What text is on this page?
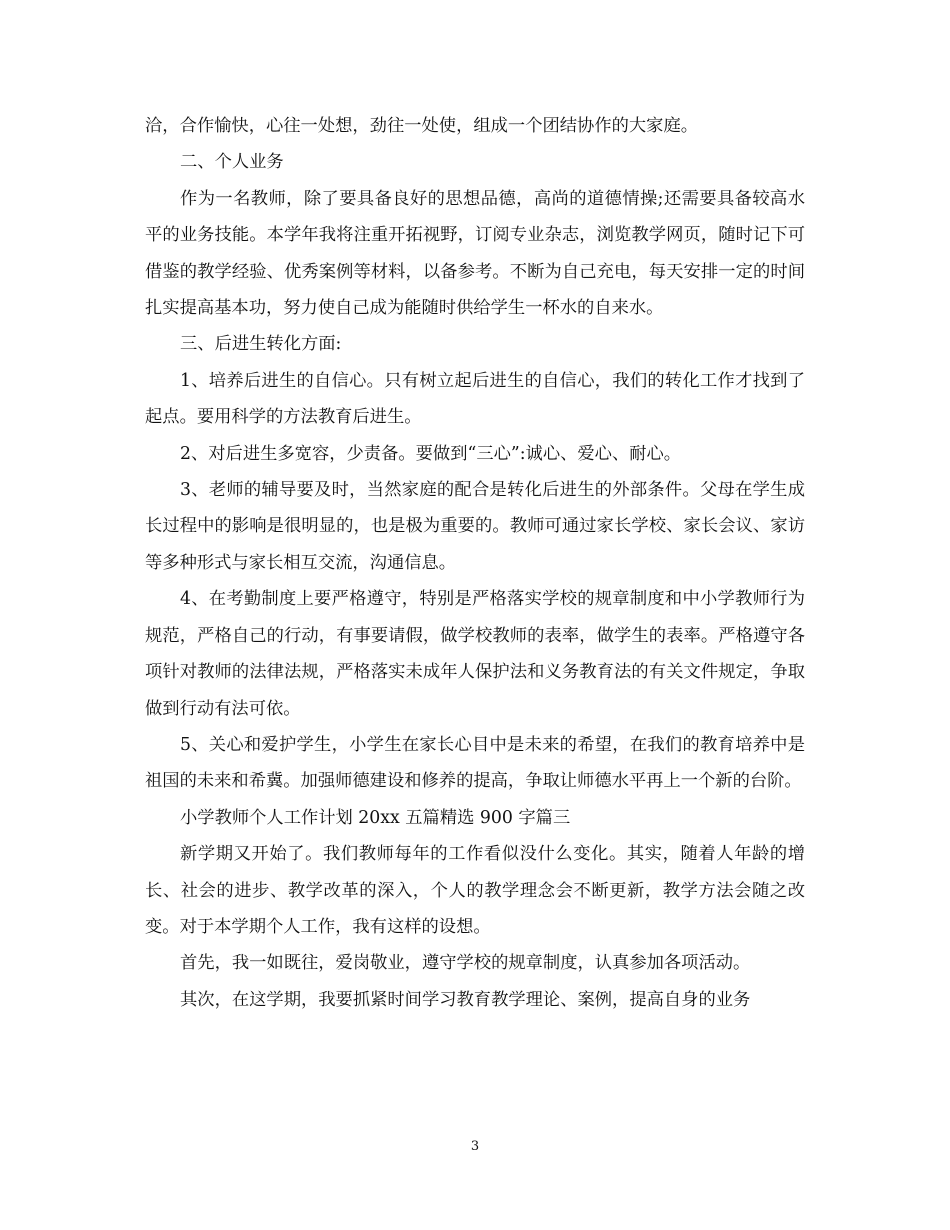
洽，合作愉快，心往一处想，劲往一处使，组成一个团结协作的大家庭。

二、个人业务

作为一名教师，除了要具备良好的思想品德，高尚的道德情操;还需要具备较高水平的业务技能。本学年我将注重开拓视野，订阅专业杂志，浏览教学网页，随时记下可借鉴的教学经验、优秀案例等材料，以备参考。不断为自己充电，每天安排一定的时间扎实提高基本功，努力使自己成为能随时供给学生一杯水的自来水。

三、后进生转化方面:

1、培养后进生的自信心。只有树立起后进生的自信心，我们的转化工作才找到了起点。要用科学的方法教育后进生。

2、对后进生多宽容，少责备。要做到“三心”:诚心、爱心、耐心。

3、老师的辅导要及时，当然家庭的配合是转化后进生的外部条件。父母在学生成长过程中的影响是很明显的，也是极为重要的。教师可通过家长学校、家长会议、家访等多种形式与家长相互交流，沟通信息。

4、在考勤制度上要严格遵守，特别是严格落实学校的规章制度和中小学教师行为规范，严格自己的行动，有事要请假，做学校教师的表率，做学生的表率。严格遵守各项针对教师的法律法规，严格落实未成年人保护法和义务教育法的有关文件规定，争取做到行动有法可依。

5、关心和爱护学生，小学生在家长心目中是未来的希望，在我们的教育培养中是祖国的未来和希冀。加强师德建设和修养的提高，争取让师德水平再上一个新的台阶。

小学教师个人工作计划 20xx 五篇精选 900 字篇三

新学期又开始了。我们教师每年的工作看似没什么变化。其实，随着人年龄的增长、社会的进步、教学改革的深入，个人的教学理念会不断更新，教学方法会随之改变。对于本学期个人工作，我有这样的设想。

首先，我一如既往，爱岗敬业，遵守学校的规章制度，认真参加各项活动。

其次，在这学期，我要抓紧时间学习教育教学理论、案例，提高自身的业务

3
